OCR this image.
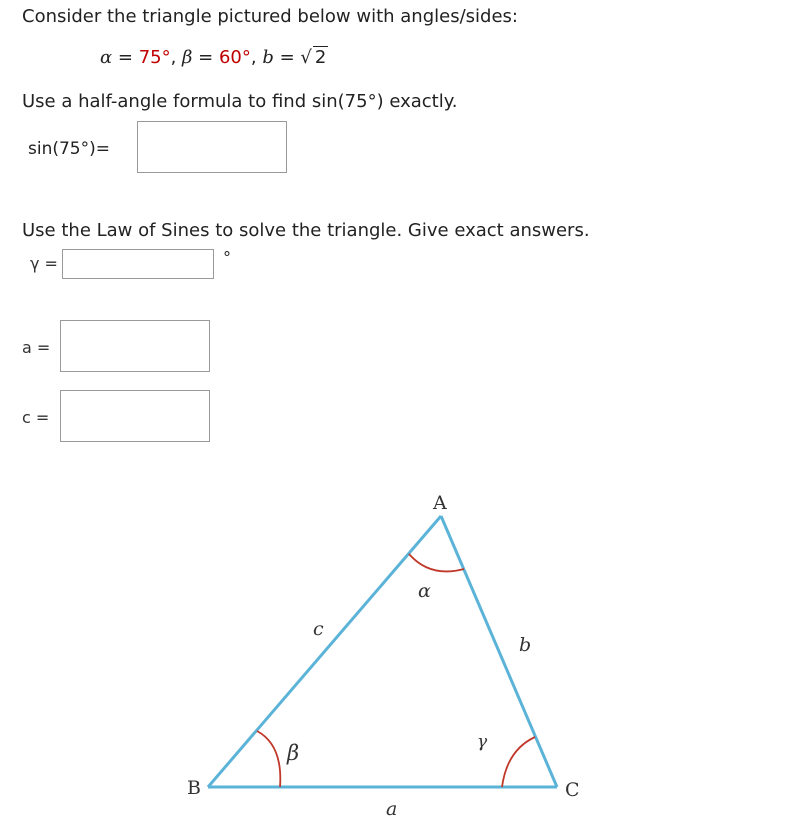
Consider the triangle pictured below with angles/sides:
α = 75°, β = 60°, b = √ 2
Use a half-angle formula to find sin(75°) exactly.
sin(75°)=
Use the Law of Sines to solve the triangle. Give exact answers.
γ =	°
a =
c =
A
B	C
α
β	γ
c
b
a
